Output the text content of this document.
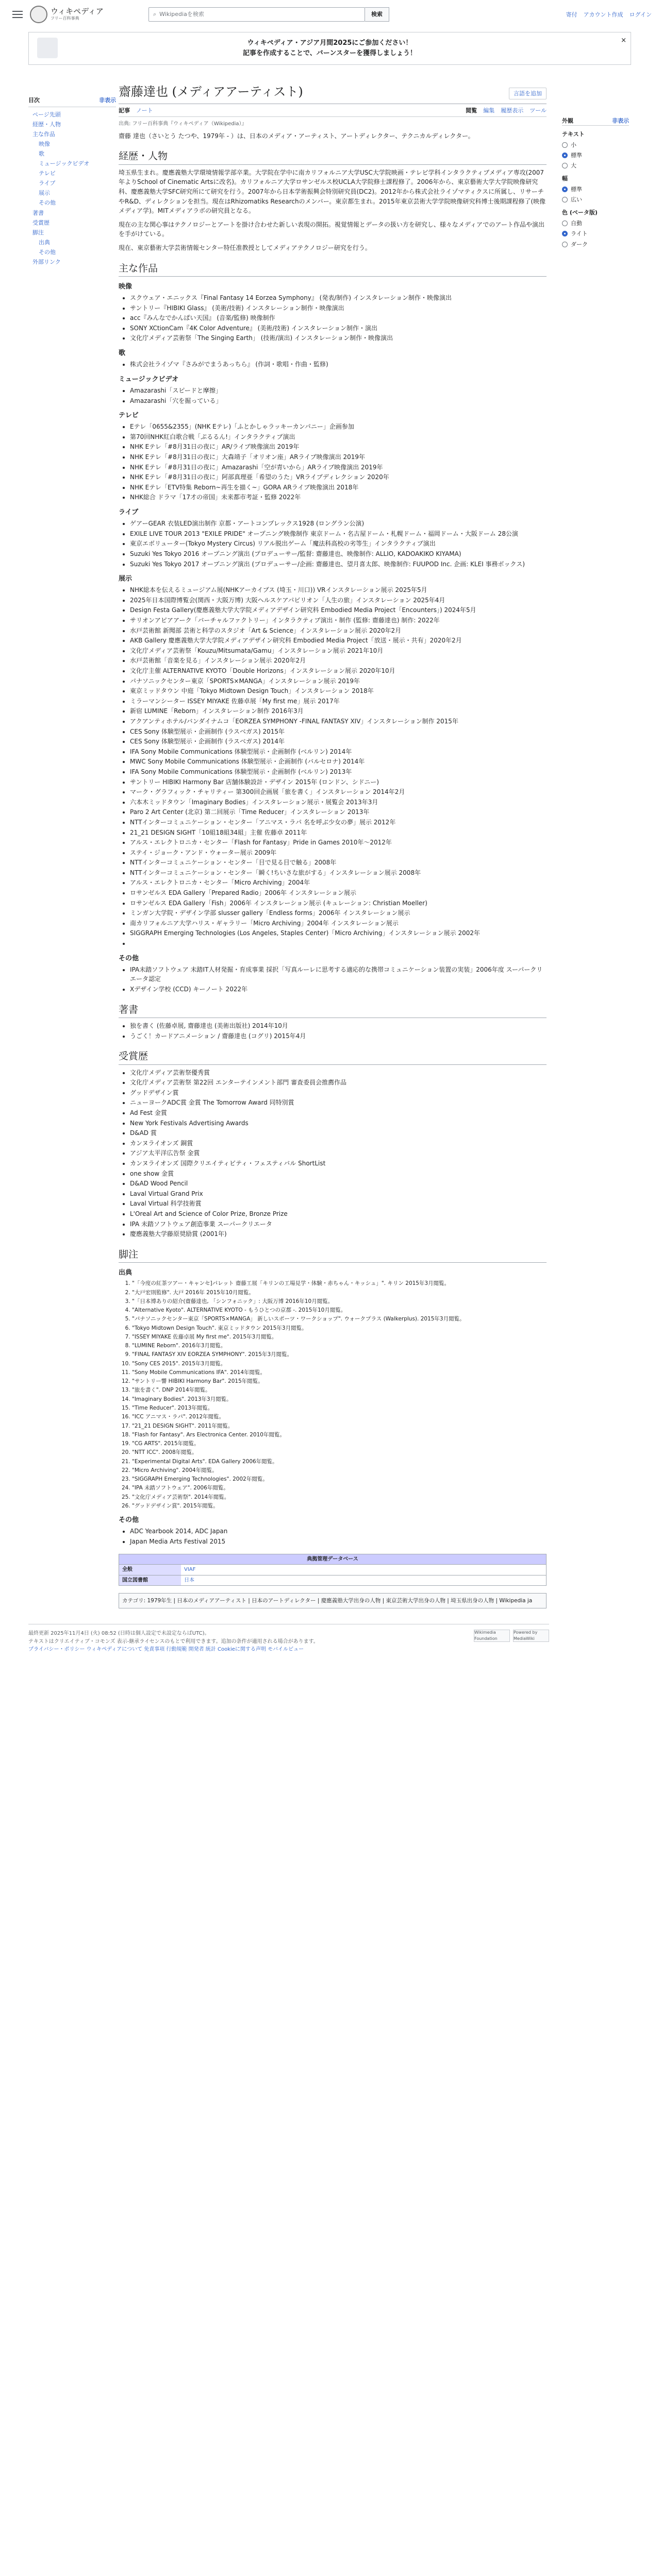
ウィキペディア
フリー百科事典
⌕ Wikipediaを検索	検索	寄付 アカウント作成 ログイン
ウィキペディア・アジア月間2025にご参加ください！
記事を作成することで、バーンスターを獲得しましょう！
×
目次	非表示
ページ先頭
経歴・人物
主な作品
映像
歌
ミュージックビデオ
テレビ
ライブ
展示
その他
著書
受賞歴
脚注
出典
その他
外部リンク
齋藤達也 (メディアアーティスト)	言語を追加
記事 ノート	閲覧 編集 履歴表示 ツール
出典: フリー百科事典『ウィキペディア（Wikipedia）』

齋藤 達也（さいとう たつや、1979年 - ）は、日本のメディア・アーティスト、アートディレクター、テクニカルディレクター。

経歴・人物

埼玉県生まれ。慶應義塾大学環境情報学部卒業。大学院在学中に南カリフォルニア大学USC大学院映画・テレビ学科インタラクティブメディア専攻(2007年よりSchool of Cinematic Artsに改名)。カリフォルニア大学ロサンゼルス校UCLA大学院修士課程修了。2006年から、東京藝術大学大学院映像研究科、慶應義塾大学SFC研究所にて研究を行う。2007年から日本学術振興会特別研究員(DC2)。2012年から株式会社ライゾマティクスに所属し、リサーチやR&D、ディレクションを担当。現在はRhizomatiks Researchのメンバー。東京都生まれ。2015年東京芸術大学学院映像研究科博士後期課程修了(映像メディア学)。MITメディアラボの研究員となる。

現在の主な関心事はテクノロジーとアートを掛け合わせた新しい表現の開拓。視覚情報とデータの扱い方を研究し、様々なメディアでのアート作品や演出を手がけている。

現在、東京藝術大学芸術情報センター特任准教授としてメディアテクノロジー研究を行う。

主な作品
映像
• スクウェア・エニックス『Final Fantasy 14 Eorzea Symphony』 (発表/制作) インスタレーション制作・映像演出
• サントリー『HIBIKI Glass』 (美術/技術) インスタレーション制作・映像演出
• acc『みんなでかんぱい天国』 (音楽/監修) 映像制作
• SONY XCtionCam『4K Color Adventure』 (美術/技術) インスタレーション制作・演出
• 文化庁メディア芸術祭「The Singing Earth」 (技術/演出) インスタレーション制作・映像演出
歌
• 株式会社ライゾマ『さみがでまうあっちら』 (作詞・歌唱・作曲・監修)
ミュージックビデオ
• Amazarashi「スピードと摩擦」
• Amazarashi「穴を掘っている」
テレビ
• Eテレ「0655&2355」(NHK Eテレ)「ふとかしゃラッキーカンパニー」企画参加
• 第70回NHK紅白歌合戦「ぷるるん!」インタラクティブ演出
• NHK Eテレ「#8月31日の夜に」AR/ライブ映像演出 2019年
• NHK Eテレ「#8月31日の夜に」大森靖子「オリオン座」ARライブ映像演出 2019年
• NHK Eテレ「#8月31日の夜に」Amazarashi「空が青いから」ARライブ映像演出 2019年
• NHK Eテレ「#8月31日の夜に」阿部真理亜「希望のうた」VRライブディレクション 2020年
• NHK Eテレ「ETV特集 Reborn~再生を描く~」GORA ARライブ映像演出 2018年
• NHK総合 ドラマ「17才の帝国」未来都市考証・監修 2022年
ライブ
• ゲアーGEAR 衣装LED演出制作 京都・アートコンプレックス1928 (ロングラン公演)
• EXILE LIVE TOUR 2013 "EXILE PRIDE" オープニング映像制作 東京ドーム・名古屋ドーム・札幌ドーム・福岡ドーム・大阪ドーム 28公演
• 東京エボリューター(Tokyo Mystery Circus) リアル脱出ゲーム「魔法科高校の劣等生」インタラクティブ演出
• Suzuki Yes Tokyo 2016 オープニング演出 (プロデューサー/監督: 齋藤達也、映像制作: ALLIO, KADOAKIKO KIYAMA)
• Suzuki Yes Tokyo 2017 オープニング演出 (プロデューサー/企画: 齋藤達也、望月喜太郎、映像制作: FUUPOD Inc. 企画: KLEI 事務ボックス)
展示
• NHK総本を伝えるミュージアム展(NHKアーカイブス (埼玉・川口)) VRインスタレーション展示 2025年5月
• 2025年日本国際博覧会(関西・大阪万博) 大阪ヘルスケアパビリオン「人生の旅」インスタレーション 2025年4月
• Design Festa Gallery(慶應義塾大学大学院メディアデザイン研究科 Embodied Media Project「Encounters」) 2024年5月
• サリオンアピアアーク「バーチャルファクトリー」インタラクティブ演出・制作 (監修: 齋藤達也) 制作: 2022年
• 水戸芸術館 新聞部 芸術と科学のスタジオ「Art & Science」インスタレーション展示 2020年2月
• AKB Gallery 慶應義塾大学大学院メディアデザイン研究科 Embodied Media Project「放送・展示・共有」2020年2月
• 文化庁メディア芸術祭「Kouzu/Mitsumata/Gamu」インスタレーション展示 2021年10月
• 水戸芸術館「音楽を見る」インスタレーション展示 2020年2月
• 文化庁主催 ALTERNATIVE KYOTO「Double Horizons」インスタレーション展示 2020年10月
• パナソニックセンター東京「SPORTS×MANGA」インスタレーション展示 2019年
• 東京ミッドタウン 中庭「Tokyo Midtown Design Touch」インスタレーション 2018年
• ミラーマンシーター ISSEY MIYAKE 佐藤卓展「My first me」展示 2017年
• 新宿 LUMINE「Reborn」インスタレーション制作 2016年3月
• アクアンティホテル/バンダイナムコ「EORZEA SYMPHONY -FINAL FANTASY XIV」インスタレーション制作 2015年
• CES Sony 体験型展示・企画制作 (ラスベガス) 2015年
• CES Sony 体験型展示・企画制作 (ラスベガス) 2014年
• IFA Sony Mobile Communications 体験型展示・企画制作 (ベルリン) 2014年
• MWC Sony Mobile Communications 体験型展示・企画制作 (バルセロナ) 2014年
• IFA Sony Mobile Communications 体験型展示・企画制作 (ベルリン) 2013年
• サントリー HIBIKI Harmony Bar 店舗体験設計・デザイン 2015年 (ロンドン、シドニー)
• マーク・グラフィック・チャリティー 第300回企画展「旅を書く」インスタレーション 2014年2月
• 六本木ミッドタウン「Imaginary Bodies」インスタレーション展示・展覧会 2013年3月
• Paro 2 Art Center (北京) 第二回展示「Time Reducer」インスタレーション 2013年
• NTTインターコミュニケーション・センター「アニマス・ラパ 名を呼ぶ少女の夢」展示 2012年
• 21_21 DESIGN SIGHT「10組18組34組」主催 佐藤卓 2011年
• アルス・エレクトロニカ・センター「Flash for Fantasy」Pride in Games 2010年〜2012年
• ステイ・ジョーク・アンド・ウォーター展示 2009年
• NTTインターコミュニケーション・センター「目で見る目で触る」2008年
• NTTインターコミュニケーション・センター「瞬く!ちいさな旅がする」インスタレーション展示 2008年
• アルス・エレクトロニカ・センター「Micro Archiving」2004年
• ロサンゼルス EDA Gallery「Prepared Radio」2006年 インスタレーション展示
• ロサンゼルス EDA Gallery「Fish」2006年 インスタレーション展示 (キュレーション: Christian Moeller)
• ミンガン大学院・デザイン学部 slusser gallery「Endless forms」2006年 インスタレーション展示
• 南カリフォルニア大学ハリス・ギャラリー「Micro Archiving」2004年 インスタレーション展示
• SIGGRAPH Emerging Technologies (Los Angeles, Staples Center)「Micro Archiving」インスタレーション展示 2002年
•
その他
• IPA未踏ソフトウェア 未踏IT人材発掘・育成事業 採択「写真ルーレに思考する適応的な携帯コミュニケーション装置の実装」2006年度 スーパークリエータ認定
• Xデザイン学校 (CCD) キーノート 2022年
著書
• 独を書く (佐藤卓展, 齋藤達也 (美術出版社) 2014年10月
• うごく！カードアニメーション / 齋藤達也 (コグリ) 2015年4月
受賞歴
• 文化庁メディア芸術祭優秀賞
• 文化庁メディア芸術祭 第22回 エンターテインメント部門 審査委員会推薦作品
• グッドデザイン賞
• ニューヨークADC賞 金賞 The Tomorrow Award 同特別賞
• Ad Fest 金賞
• New York Festivals Advertising Awards
• D&AD 賞
• カンヌライオンズ 銅賞
• アジア太平洋広告祭 金賞
• カンヌライオンズ 国際クリエイティビティ・フェスティバル ShortList
• one show 金賞
• D&AD Wood Pencil
• Laval Virtual Grand Prix
• Laval Virtual 科学技術賞
• L'Oreal Art and Science of Color Prize, Bronze Prize
• IPA 未踏ソフトウェア創造事業 スーパークリエータ
• 慶應義塾大学藤原奨励賞 (2001年)
脚注
出典
1. "「今度の紅茶ツアー・キャンセ]パレット 齋藤工展「キリンの工場見学・体験・赤ちゃん・キッシュ」". キリン 2015年3月閲覧。
2. "大戸宏則監修". 大戸 2016年 2015年10月閲覧。
3. "「日本博ありの紹介(齋藤達也, 「シンフォニック」: 大阪万博 2016年10月閲覧。
4. "Alternative Kyoto". ALTERNATIVE KYOTO - もうひとつの京都 -. 2015年10月閲覧。
5. "パナソニックセンター東京「SPORTS×MANGA」 新しいスポーツ・ワークショップ". ウォークプラス (Walkerplus). 2015年3月閲覧。
6. "Tokyo Midtown Design Touch". 東京ミッドタウン 2015年3月閲覧。
7. "ISSEY MIYAKE 佐藤卓展 My first me". 2015年3月閲覧。
8. "LUMINE Reborn". 2016年3月閲覧。
9. "FINAL FANTASY XIV EORZEA SYMPHONY". 2015年3月閲覧。
10. "Sony CES 2015". 2015年3月閲覧。
11. "Sony Mobile Communications IFA". 2014年閲覧。
12. "サントリー響 HIBIKI Harmony Bar". 2015年閲覧。
13. "旅を書く". DNP 2014年閲覧。
14. "Imaginary Bodies". 2013年3月閲覧。
15. "Time Reducer". 2013年閲覧。
16. "ICC アニマス・ラパ". 2012年閲覧。
17. "21_21 DESIGN SIGHT". 2011年閲覧。
18. "Flash for Fantasy". Ars Electronica Center. 2010年閲覧。
19. "CG ARTS". 2015年閲覧。
20. "NTT ICC". 2008年閲覧。
21. "Experimental Digital Arts". EDA Gallery 2006年閲覧。
22. "Micro Archiving". 2004年閲覧。
23. "SIGGRAPH Emerging Technologies". 2002年閲覧。
24. "IPA 未踏ソフトウェア". 2006年閲覧。
25. "文化庁メディア芸術祭". 2014年閲覧。
26. "グッドデザイン賞". 2015年閲覧。
その他
• ADC Yearbook 2014, ADC Japan
• Japan Media Arts Festival 2015
典拠管理データベース
全般	VIAF
国立図書館	日本
カテゴリ: 1979年生 | 日本のメディアアーティスト | 日本のアートディレクター | 慶應義塾大学出身の人物 | 東京芸術大学出身の人物 | 埼玉県出身の人物 | Wikipedia ja
外観	非表示
テキスト
小
標準
大
幅
標準
広い
色 (ベータ版)
自動
ライト
ダーク
最終更新 2025年11月4日 (火) 08:52 (日時は個人設定で未設定ならばUTC)。
テキストはクリエイティブ・コモンズ 表示-継承ライセンスのもとで利用できます。追加の条件が適用される場合があります。
プライバシー・ポリシー ウィキペディアについて 免責事項 行動規範 開発者 統計 Cookieに関する声明 モバイルビュー
Wikimedia Foundation
Powered by MediaWiki
